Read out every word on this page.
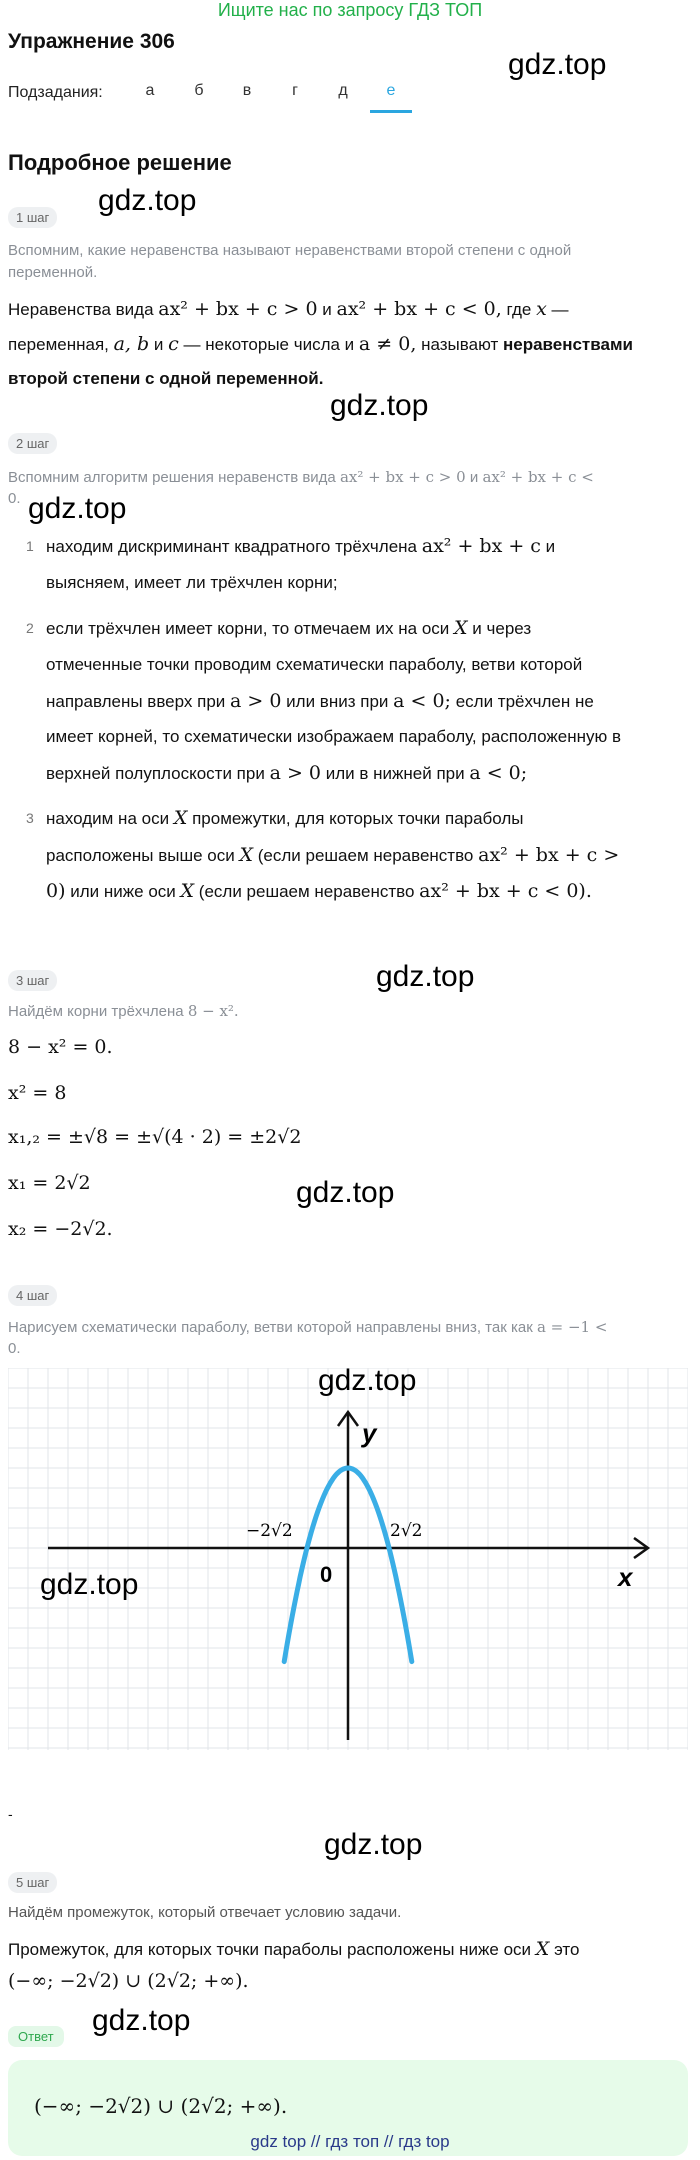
Ищите нас по запросу ГДЗ ТОП
Упражнение 306
gdz.top
Подзадания:	а	б	в	г	д	е
Подробное решение
1 шаг
gdz.top
Вспомним, какие неравенства называют неравенствами второй степени с одной
переменной.
Неравенства вида ax² + bx + c > 0 и ax² + bx + c < 0, где x —
переменная, a, b и c — некоторые числа и a ≠ 0, называют неравенствами
второй степени с одной переменной.
gdz.top
2 шаг
Вспомним алгоритм решения неравенств вида ax² + bx + c > 0 и ax² + bx + c <
0. gdz.top
1 находим дискриминант квадратного трёхчлена ax² + bx + c и
выясняем, имеет ли трёхчлен корни;
2 если трёхчлен имеет корни, то отмечаем их на оси X и через
отмеченные точки проводим схематически параболу, ветви которой
направлены вверх при a > 0 или вниз при a < 0; если трёхчлен не
имеет корней, то схематически изображаем параболу, расположенную в
верхней полуплоскости при a > 0 или в нижней при a < 0;
3 находим на оси X промежутки, для которых точки параболы
расположены выше оси X (если решаем неравенство ax² + bx + c >
0) или ниже оси X (если решаем неравенство ax² + bx + c < 0).
gdz.top
3 шаг
Найдём корни трёхчлена 8 − x².
8 − x² = 0.
x² = 8
x₁,₂ = ±√8 = ±√(4 · 2) = ±2√2
x₁ = 2√2	gdz.top
x₂ = −2√2.
4 шаг
Нарисуем схематически параболу, ветви которой направлены вниз, так как a = −1 <
0.
y
x
0
−2√2	2√2
gdz.top
gdz.top
-
gdz.top
5 шаг
Найдём промежуток, который отвечает условию задачи.
Промежуток, для которых точки параболы расположены ниже оси X это
(−∞; −2√2) ∪ (2√2; +∞).
Ответ	gdz.top
(−∞; −2√2) ∪ (2√2; +∞).
gdz top // гдз топ // гдз top
